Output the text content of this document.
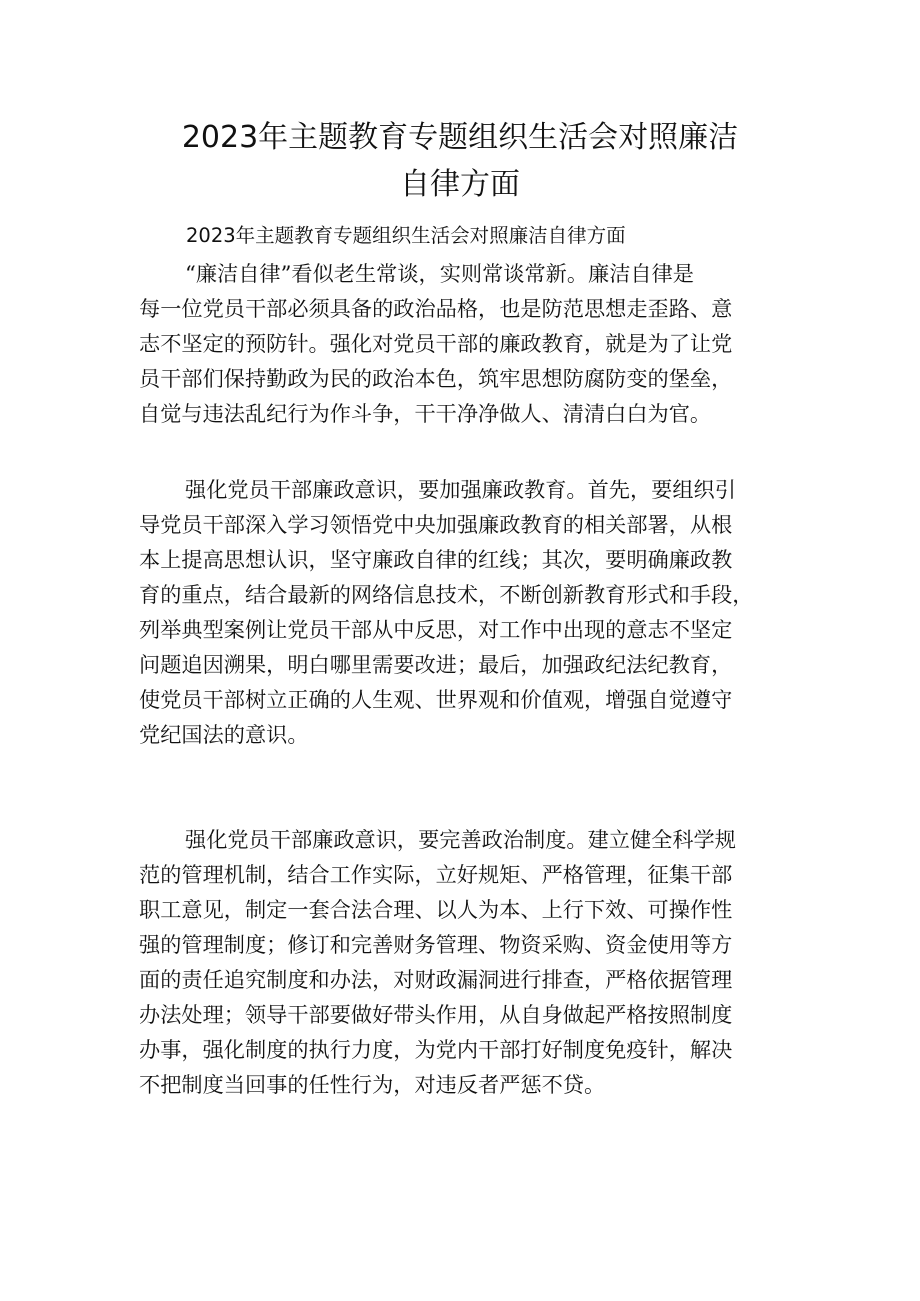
2023年主题教育专题组织生活会对照廉洁
自律方面

2023年主题教育专题组织生活会对照廉洁自律方面

“廉洁自律”看似老生常谈，实则常谈常新。廉洁自律是
每一位党员干部必须具备的政治品格，也是防范思想走歪路、意
志不坚定的预防针。强化对党员干部的廉政教育，就是为了让党
员干部们保持勤政为民的政治本色，筑牢思想防腐防变的堡垒，
自觉与违法乱纪行为作斗争，干干净净做人、清清白白为官。
强化党员干部廉政意识，要加强廉政教育。首先，要组织引
导党员干部深入学习领悟党中央加强廉政教育的相关部署，从根
本上提高思想认识，坚守廉政自律的红线；其次，要明确廉政教
育的重点，结合最新的网络信息技术，不断创新教育形式和手段，
列举典型案例让党员干部从中反思，对工作中出现的意志不坚定
问题追因溯果，明白哪里需要改进；最后，加强政纪法纪教育，
使党员干部树立正确的人生观、世界观和价值观，增强自觉遵守
党纪国法的意识。
强化党员干部廉政意识，要完善政治制度。建立健全科学规
范的管理机制，结合工作实际，立好规矩、严格管理，征集干部
职工意见，制定一套合法合理、以人为本、上行下效、可操作性
强的管理制度；修订和完善财务管理、物资采购、资金使用等方
面的责任追究制度和办法，对财政漏洞进行排查，严格依据管理
办法处理；领导干部要做好带头作用，从自身做起严格按照制度
办事，强化制度的执行力度，为党内干部打好制度免疫针，解决
不把制度当回事的任性行为，对违反者严惩不贷。
